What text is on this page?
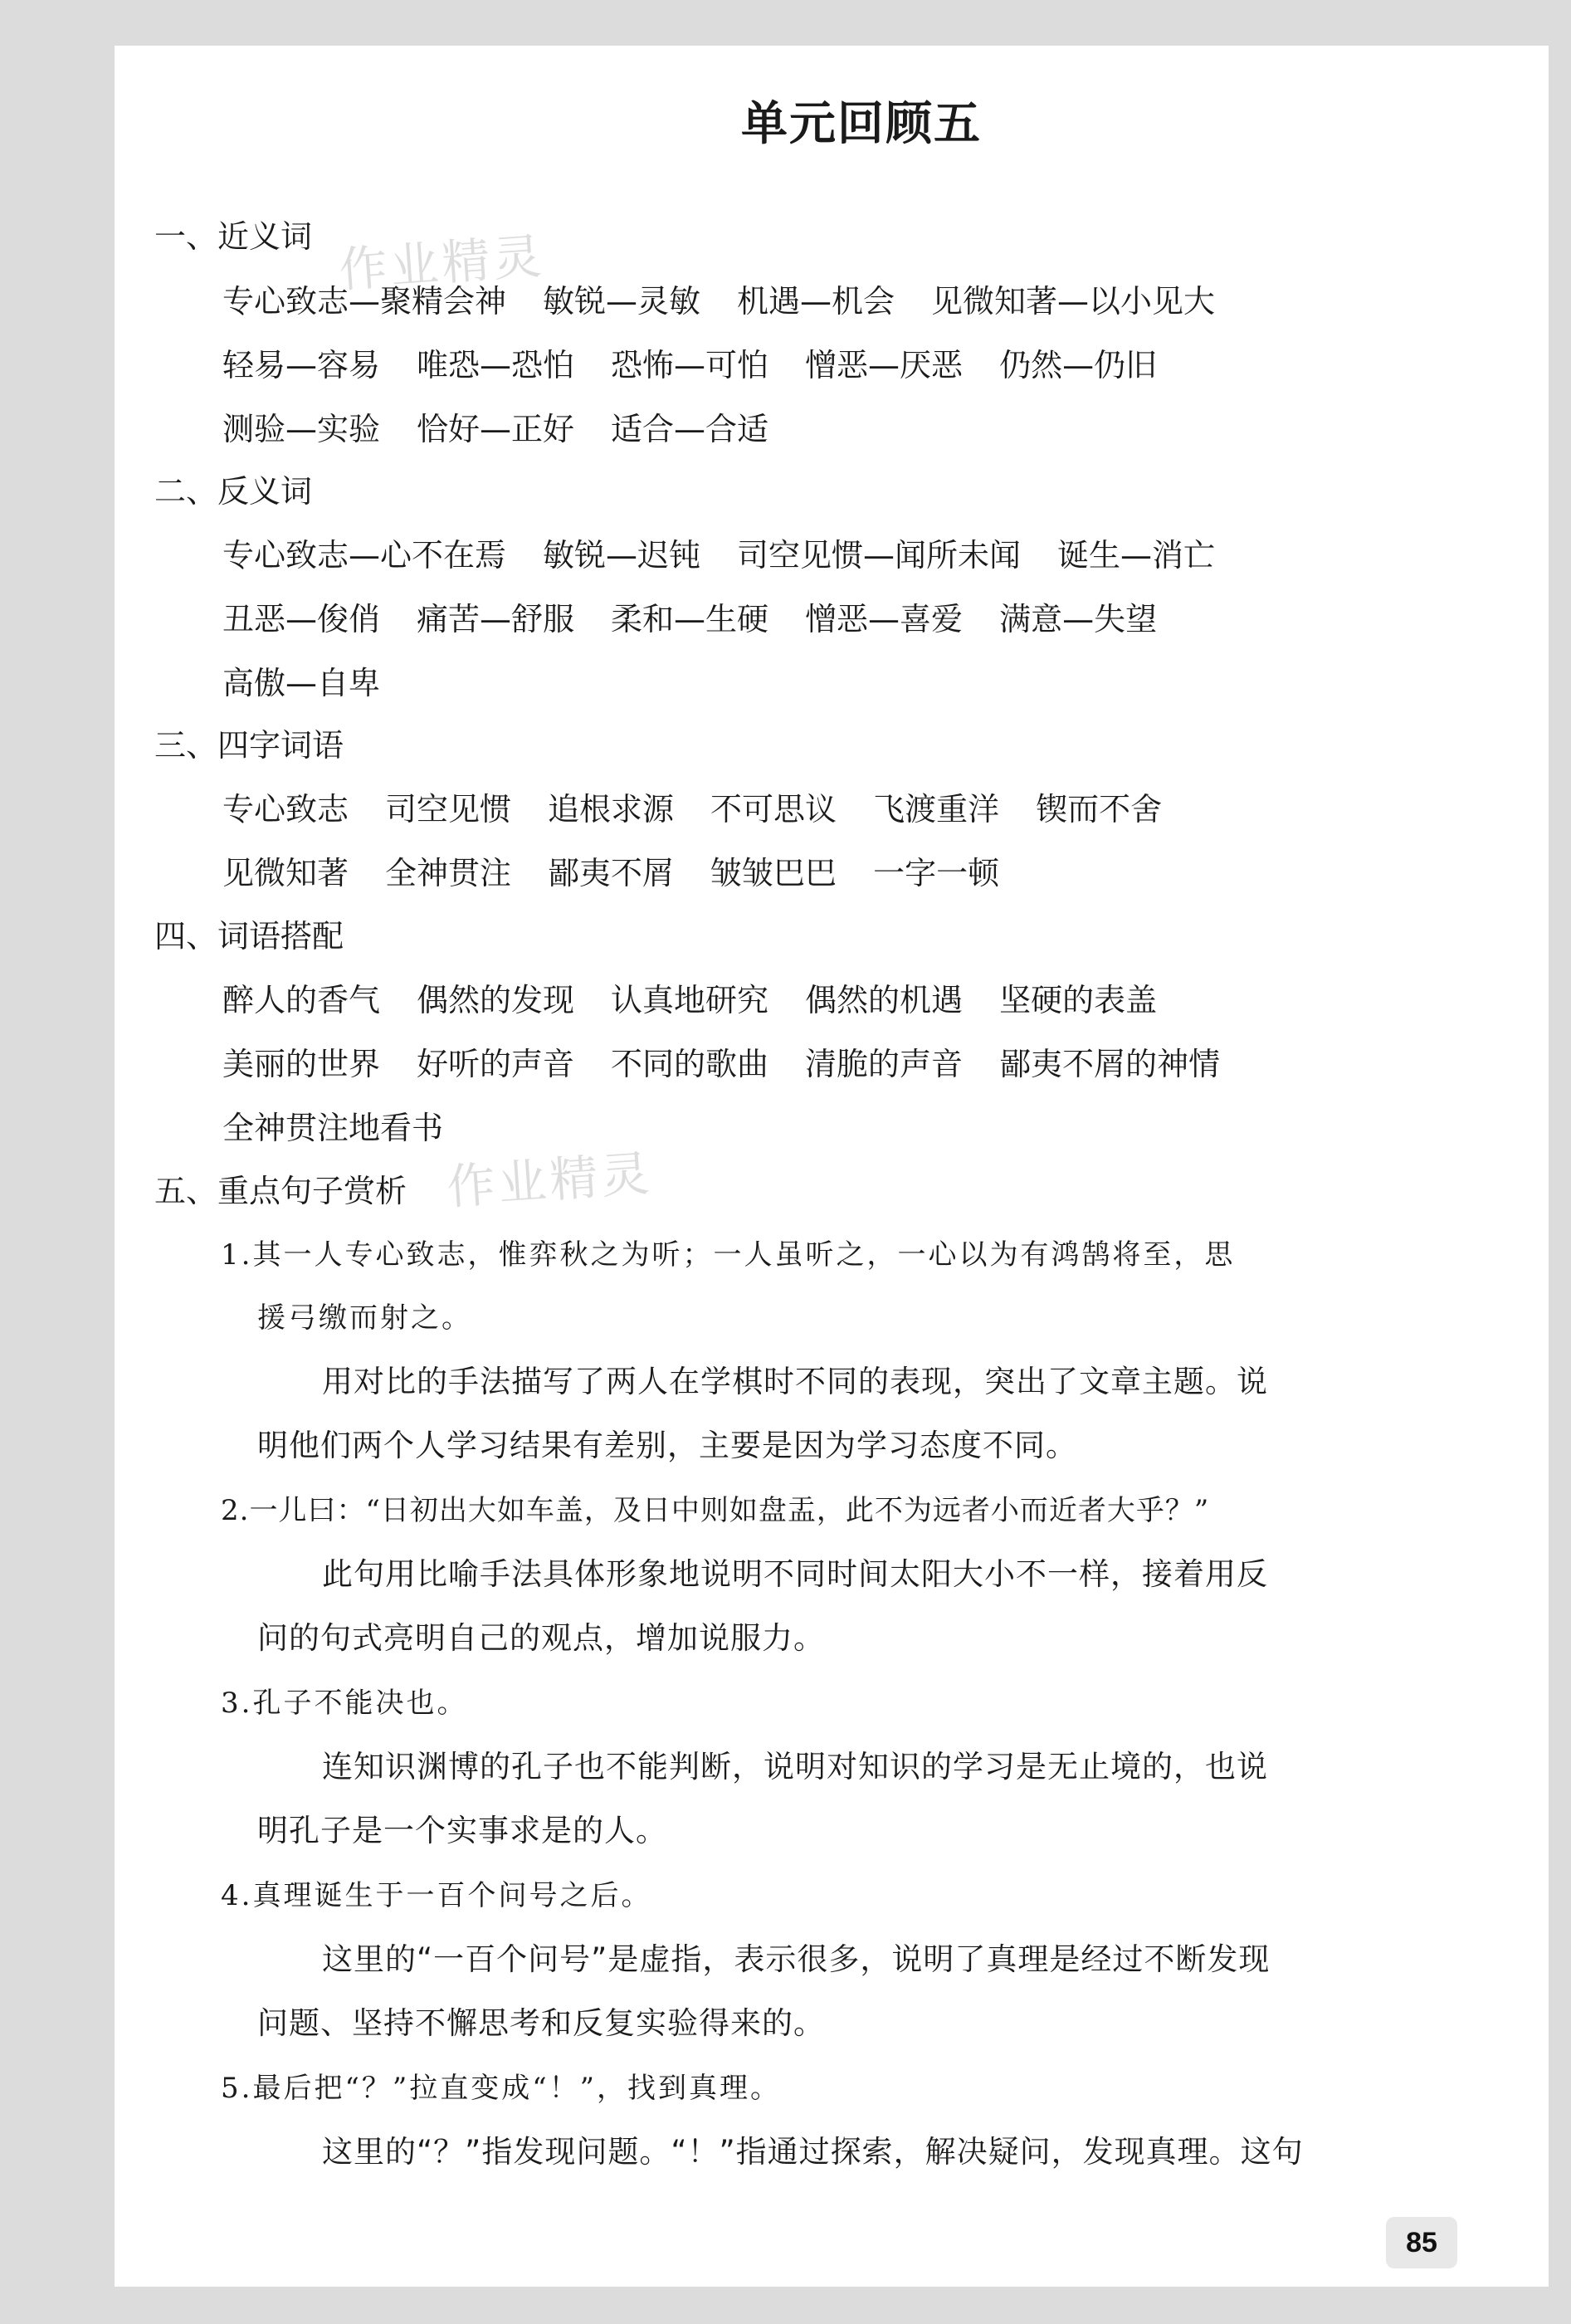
单元回顾五
作业精灵
作业精灵
一、近义词
专心致志—聚精会神 敏锐—灵敏 机遇—机会 见微知著—以小见大
轻易—容易 唯恐—恐怕 恐怖—可怕 憎恶—厌恶 仍然—仍旧
测验—实验 恰好—正好 适合—合适
二、反义词
专心致志—心不在焉 敏锐—迟钝 司空见惯—闻所未闻 诞生—消亡
丑恶—俊俏 痛苦—舒服 柔和—生硬 憎恶—喜爱 满意—失望
高傲—自卑
三、四字词语
专心致志 司空见惯 追根求源 不可思议 飞渡重洋 锲而不舍
见微知著 全神贯注 鄙夷不屑 皱皱巴巴 一字一顿
四、词语搭配
醉人的香气 偶然的发现 认真地研究 偶然的机遇 坚硬的表盖
美丽的世界 好听的声音 不同的歌曲 清脆的声音 鄙夷不屑的神情
全神贯注地看书
五、重点句子赏析
1.其一人专心致志，惟弈秋之为听；一人虽听之，一心以为有鸿鹄将至，思
援弓缴而射之。
用对比的手法描写了两人在学棋时不同的表现，突出了文章主题。说
明他们两个人学习结果有差别，主要是因为学习态度不同。
2.一儿曰：“日初出大如车盖，及日中则如盘盂，此不为远者小而近者大乎？”
此句用比喻手法具体形象地说明不同时间太阳大小不一样，接着用反
问的句式亮明自己的观点，增加说服力。
3.孔子不能决也。
连知识渊博的孔子也不能判断，说明对知识的学习是无止境的，也说
明孔子是一个实事求是的人。
4.真理诞生于一百个问号之后。
这里的“一百个问号”是虚指，表示很多，说明了真理是经过不断发现
问题、坚持不懈思考和反复实验得来的。
5.最后把“？”拉直变成“！”，找到真理。
这里的“？”指发现问题。“！”指通过探索，解决疑问，发现真理。这句
85
